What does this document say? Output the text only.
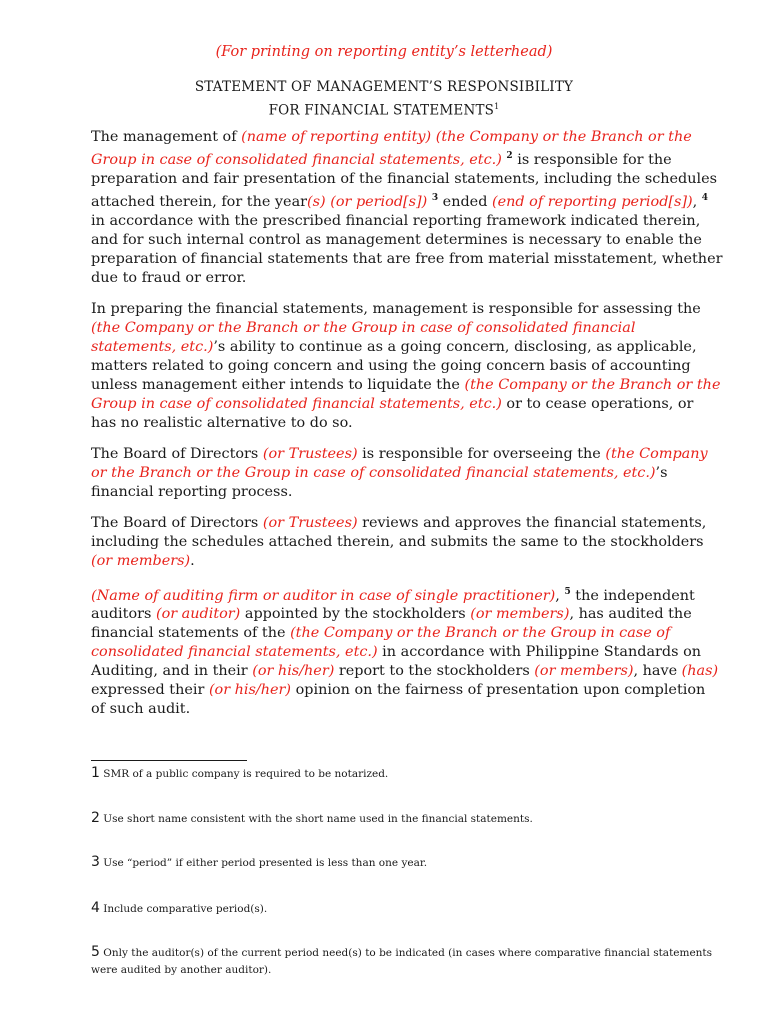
(For printing on reporting entity’s letterhead)
STATEMENT OF MANAGEMENT’S RESPONSIBILITY
FOR FINANCIAL STATEMENTS$^1$

The management of (name of reporting entity) (the Company or the Branch or the Group in case of consolidated financial statements, etc.) $^2$ is responsible for the preparation and fair presentation of the financial statements, including the schedules attached therein, for the year(s) (or period[s]) $^3$ ended (end of reporting period[s]), $^4$ in accordance with the prescribed financial reporting framework indicated therein, and for such internal control as management determines is necessary to enable the preparation of financial statements that are free from material misstatement, whether due to fraud or error.

In preparing the financial statements, management is responsible for assessing the (the Company or the Branch or the Group in case of consolidated financial statements, etc.)’s ability to continue as a going concern, disclosing, as applicable, matters related to going concern and using the going concern basis of accounting unless management either intends to liquidate the (the Company or the Branch or the Group in case of consolidated financial statements, etc.) or to cease operations, or has no realistic alternative to do so.

The Board of Directors (or Trustees) is responsible for overseeing the (the Company or the Branch or the Group in case of consolidated financial statements, etc.)’s financial reporting process.

The Board of Directors (or Trustees) reviews and approves the financial statements, including the schedules attached therein, and submits the same to the stockholders (or members).

(Name of auditing firm or auditor in case of single practitioner), $^5$ the independent auditors (or auditor) appointed by the stockholders (or members), has audited the financial statements of the (the Company or the Branch or the Group in case of consolidated financial statements, etc.) in accordance with Philippine Standards on Auditing, and in their (or his/her) report to the stockholders (or members), have (has) expressed their (or his/her) opinion on the fairness of presentation upon completion of such audit.

1 SMR of a public company is required to be notarized.
2 Use short name consistent with the short name used in the financial statements.
3 Use “period” if either period presented is less than one year.
4 Include comparative period(s).
5 Only the auditor(s) of the current period need(s) to be indicated (in cases where comparative financial statements were audited by another auditor).
